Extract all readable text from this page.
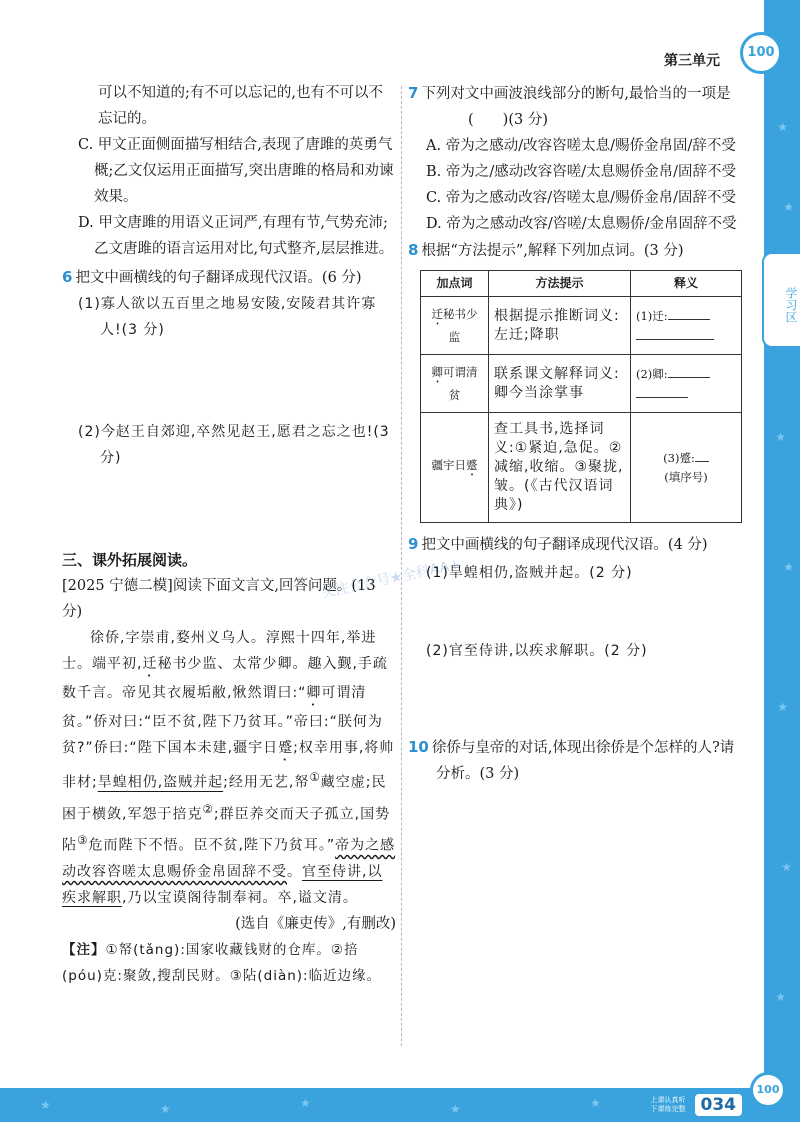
★
★
★
★
★
★
★
★	★	★	★	★
100
第三单元
学习区
上课认真听 下课练完整 034
100
关注公众号★全科AA+
可以不知道的;有不可以忘记的,也有不可以不忘记的。
C. 甲文正面侧面描写相结合,表现了唐雎的英勇气概;乙文仅运用正面描写,突出唐雎的格局和劝谏效果。
D. 甲文唐雎的用语义正词严,有理有节,气势充沛;乙文唐雎的语言运用对比,句式整齐,层层推进。
6 把文中画横线的句子翻译成现代汉语。(6 分)
(1)寡人欲以五百里之地易安陵,安陵君其许寡人!(3 分)
(2)今赵王自郊迎,卒然见赵王,愿君之忘之也!(3 分)
三、课外拓展阅读。
[2025 宁德二模]阅读下面文言文,回答问题。(13 分)
徐侨,字崇甫,婺州义乌人。淳熙十四年,举进士。端平初,迁秘书少监、太常少卿。趣入觐,手疏数千言。帝见其衣履垢敝,愀然谓曰:“卿可谓清贫。”侨对曰:“臣不贫,陛下乃贫耳。”帝曰:“朕何为贫?”侨曰:“陛下国本未建,疆宇日蹙;权幸用事,将帅非材;旱蝗相仍,盗贼并起;经用无艺,帑①藏空虚;民困于横敛,军怨于掊克②;群臣养交而天子孤立,国势阽③危而陛下不悟。臣不贫,陛下乃贫耳。”帝为之感动改容咨嗟太息赐侨金帛固辞不受。官至侍讲,以疾求解职,乃以宝谟阁待制奉祠。卒,谥文清。
(选自《廉吏传》,有删改)
【注】①帑(tǎng):国家收藏钱财的仓库。②掊(póu)克:聚敛,搜刮民财。③阽(diàn):临近边缘。
7 下列对文中画波浪线部分的断句,最恰当的一项是(　　)(3 分)
A. 帝为之感动/改容咨嗟太息/赐侨金帛固/辞不受
B. 帝为之/感动改容咨嗟/太息赐侨金帛/固辞不受
C. 帝为之感动改容/咨嗟太息/赐侨金帛/固辞不受
D. 帝为之感动改容/咨嗟/太息赐侨/金帛固辞不受
8 根据“方法提示”,解释下列加点词。(3 分)
加点词	方法提示	释义
迁秘书少监	根据提示推断词义:左迁;降职	(1)迁:

卿可谓清贫	联系课文解释词义:卿今当涂掌事	(2)卿:

疆宇日蹙	查工具书,选择词义:①紧迫,急促。②减缩,收缩。③聚拢,皱。(《古代汉语词典》)	(3)蹙:
(填序号)
9 把文中画横线的句子翻译成现代汉语。(4 分)
(1)旱蝗相仍,盗贼并起。(2 分)
(2)官至侍讲,以疾求解职。(2 分)
10 徐侨与皇帝的对话,体现出徐侨是个怎样的人?请分析。(3 分)
